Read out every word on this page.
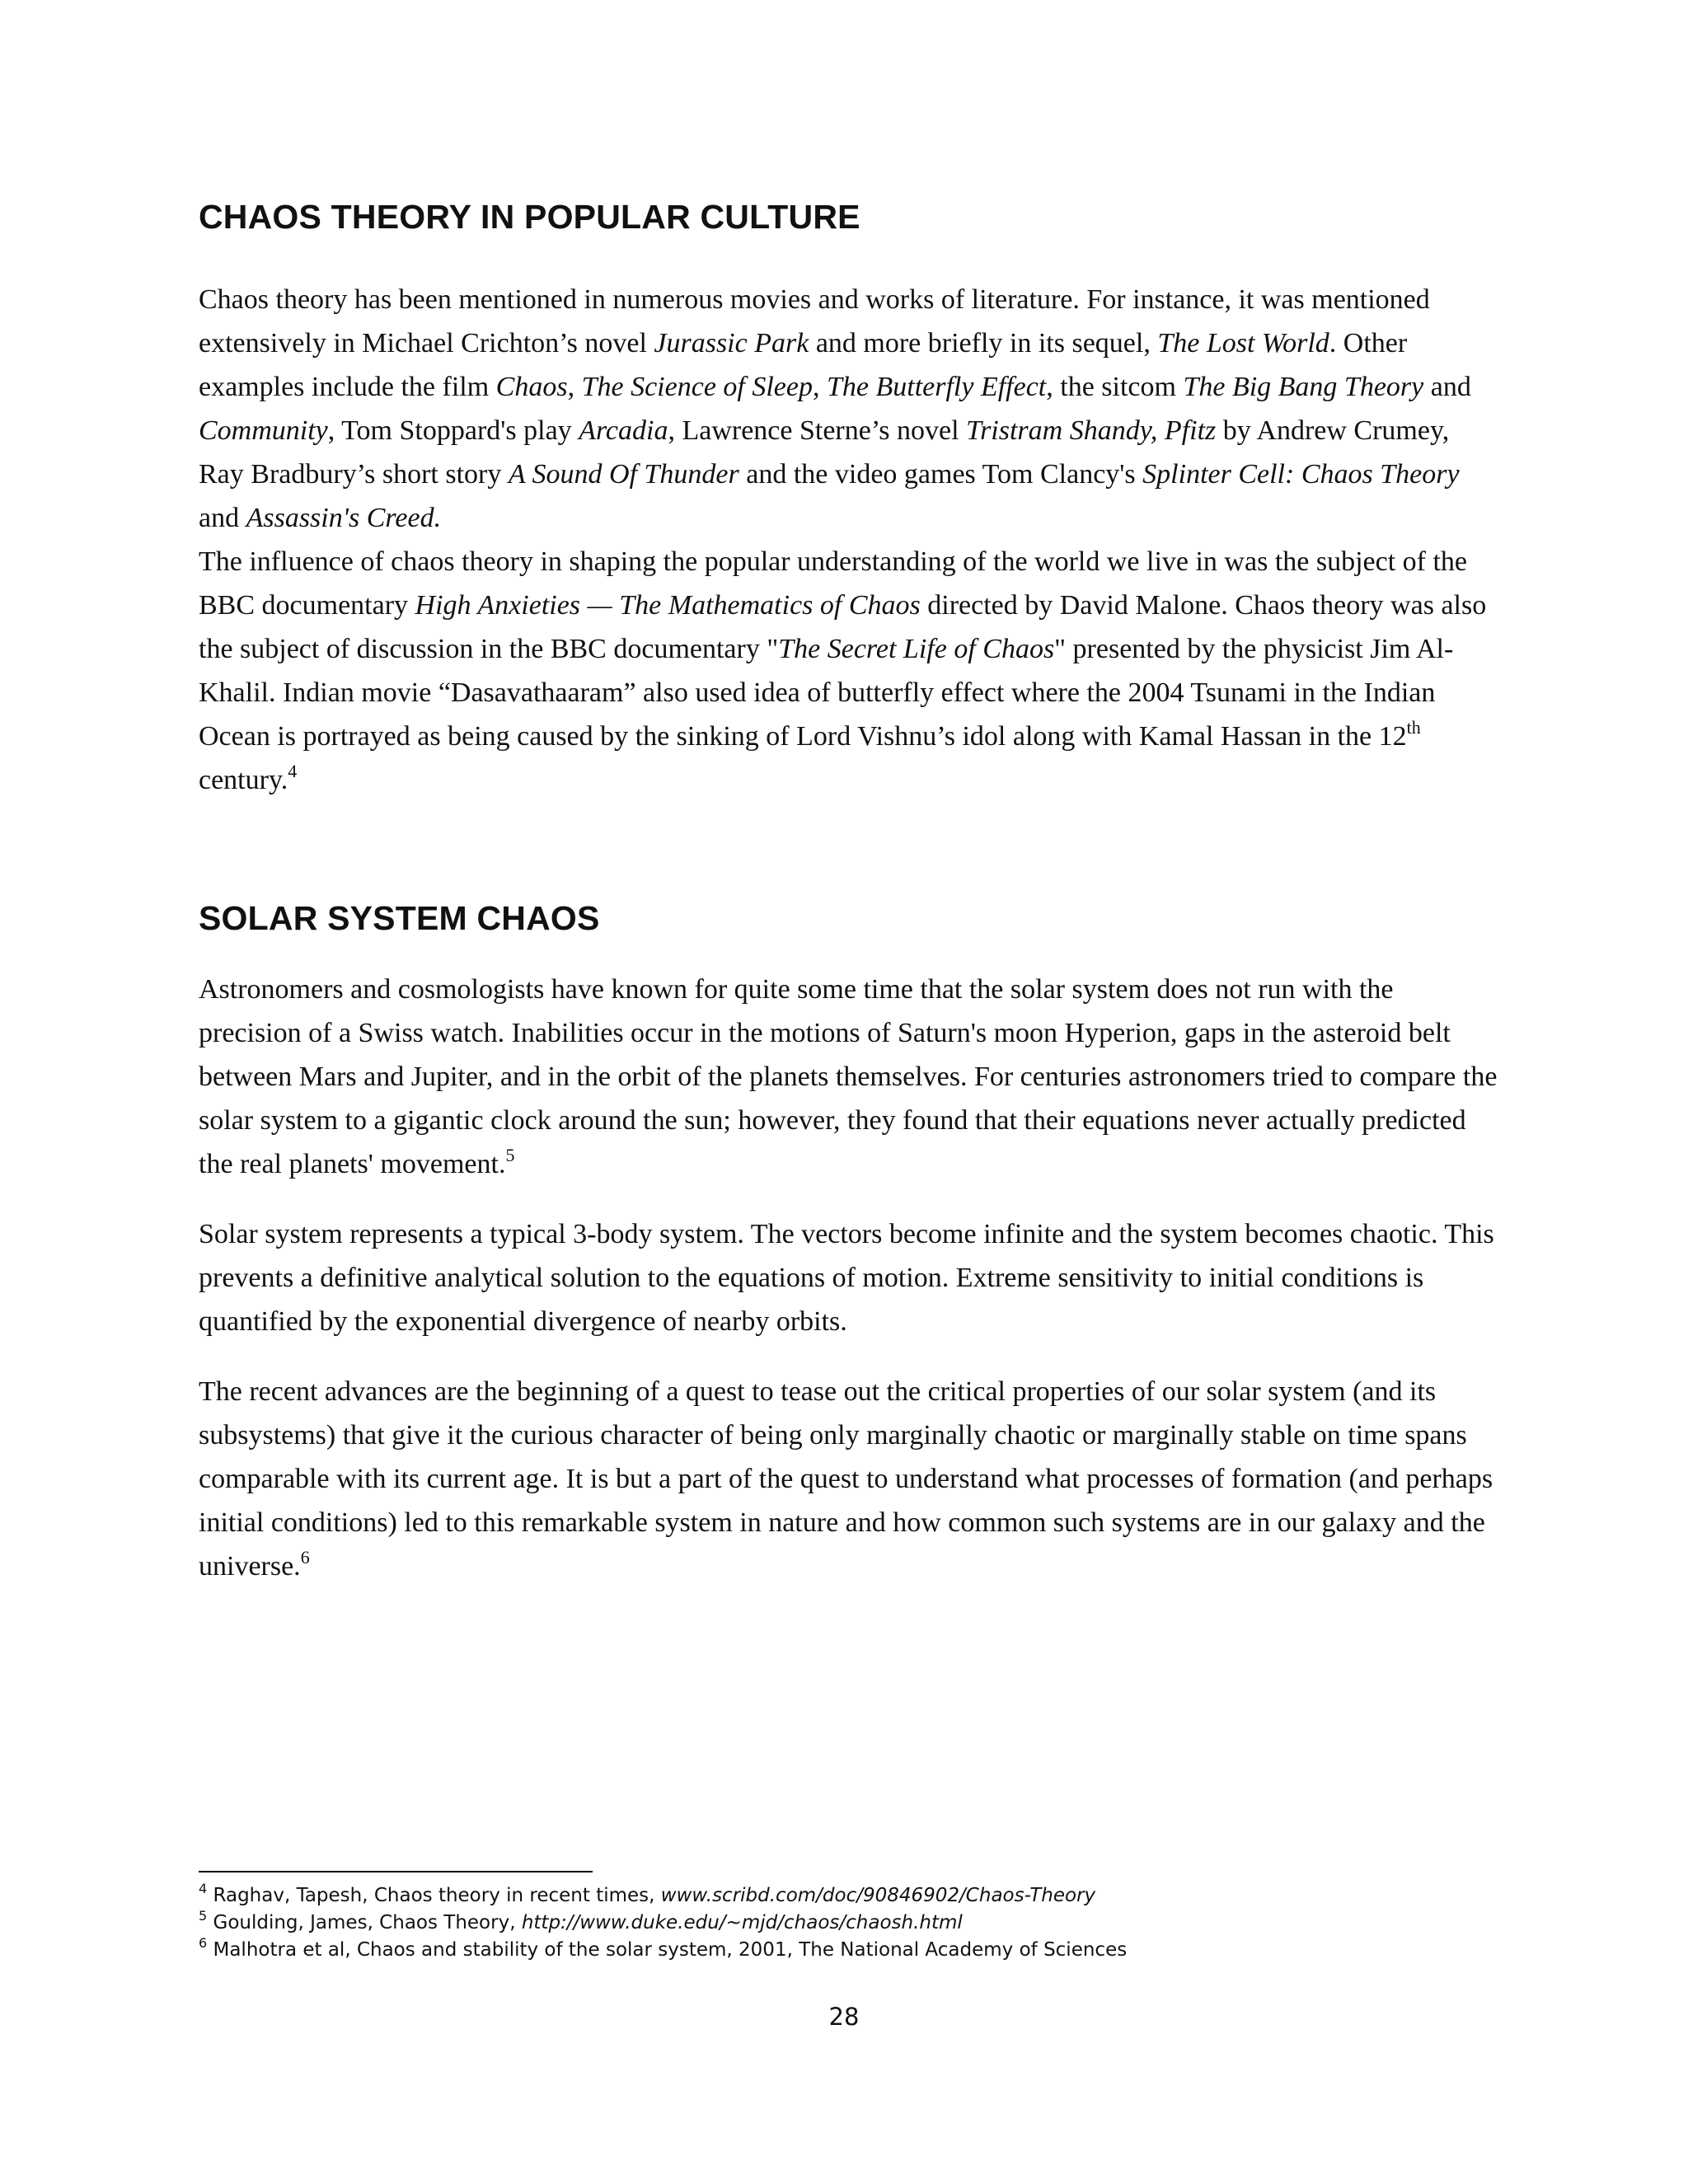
CHAOS THEORY IN POPULAR CULTURE

Chaos theory has been mentioned in numerous movies and works of literature. For instance, it was mentioned extensively in Michael Crichton’s novel Jurassic Park and more briefly in its sequel, The Lost World. Other examples include the film Chaos, The Science of Sleep, The Butterfly Effect, the sitcom The Big Bang Theory and Community, Tom Stoppard's play Arcadia, Lawrence Sterne’s novel Tristram Shandy, Pfitz by Andrew Crumey, Ray Bradbury’s short story A Sound Of Thunder and the video games Tom Clancy's Splinter Cell: Chaos Theory and Assassin's Creed.

The influence of chaos theory in shaping the popular understanding of the world we live in was the subject of the BBC documentary High Anxieties — The Mathematics of Chaos directed by David Malone. Chaos theory was also the subject of discussion in the BBC documentary "The Secret Life of Chaos" presented by the physicist Jim Al-Khalil. Indian movie “Dasavathaaram” also used idea of butterfly effect where the 2004 Tsunami in the Indian Ocean is portrayed as being caused by the sinking of Lord Vishnu’s idol along with Kamal Hassan in the 12th century.$^4$

SOLAR SYSTEM CHAOS

Astronomers and cosmologists have known for quite some time that the solar system does not run with the precision of a Swiss watch. Inabilities occur in the motions of Saturn's moon Hyperion, gaps in the asteroid belt between Mars and Jupiter, and in the orbit of the planets themselves. For centuries astronomers tried to compare the solar system to a gigantic clock around the sun; however, they found that their equations never actually predicted the real planets' movement.$^5$

Solar system represents a typical 3-body system. The vectors become infinite and the system becomes chaotic. This prevents a definitive analytical solution to the equations of motion. Extreme sensitivity to initial conditions is quantified by the exponential divergence of nearby orbits.

The recent advances are the beginning of a quest to tease out the critical properties of our solar system (and its subsystems) that give it the curious character of being only marginally chaotic or marginally stable on time spans comparable with its current age. It is but a part of the quest to understand what processes of formation (and perhaps initial conditions) led to this remarkable system in nature and how common such systems are in our galaxy and the universe.$^6$

$^4$ Raghav, Tapesh, Chaos theory in recent times, www.scribd.com/doc/90846902/Chaos-Theory

$^5$ Goulding, James, Chaos Theory, http://www.duke.edu/~mjd/chaos/chaosh.html

$^6$ Malhotra et al, Chaos and stability of the solar system, 2001, The National Academy of Sciences

28
